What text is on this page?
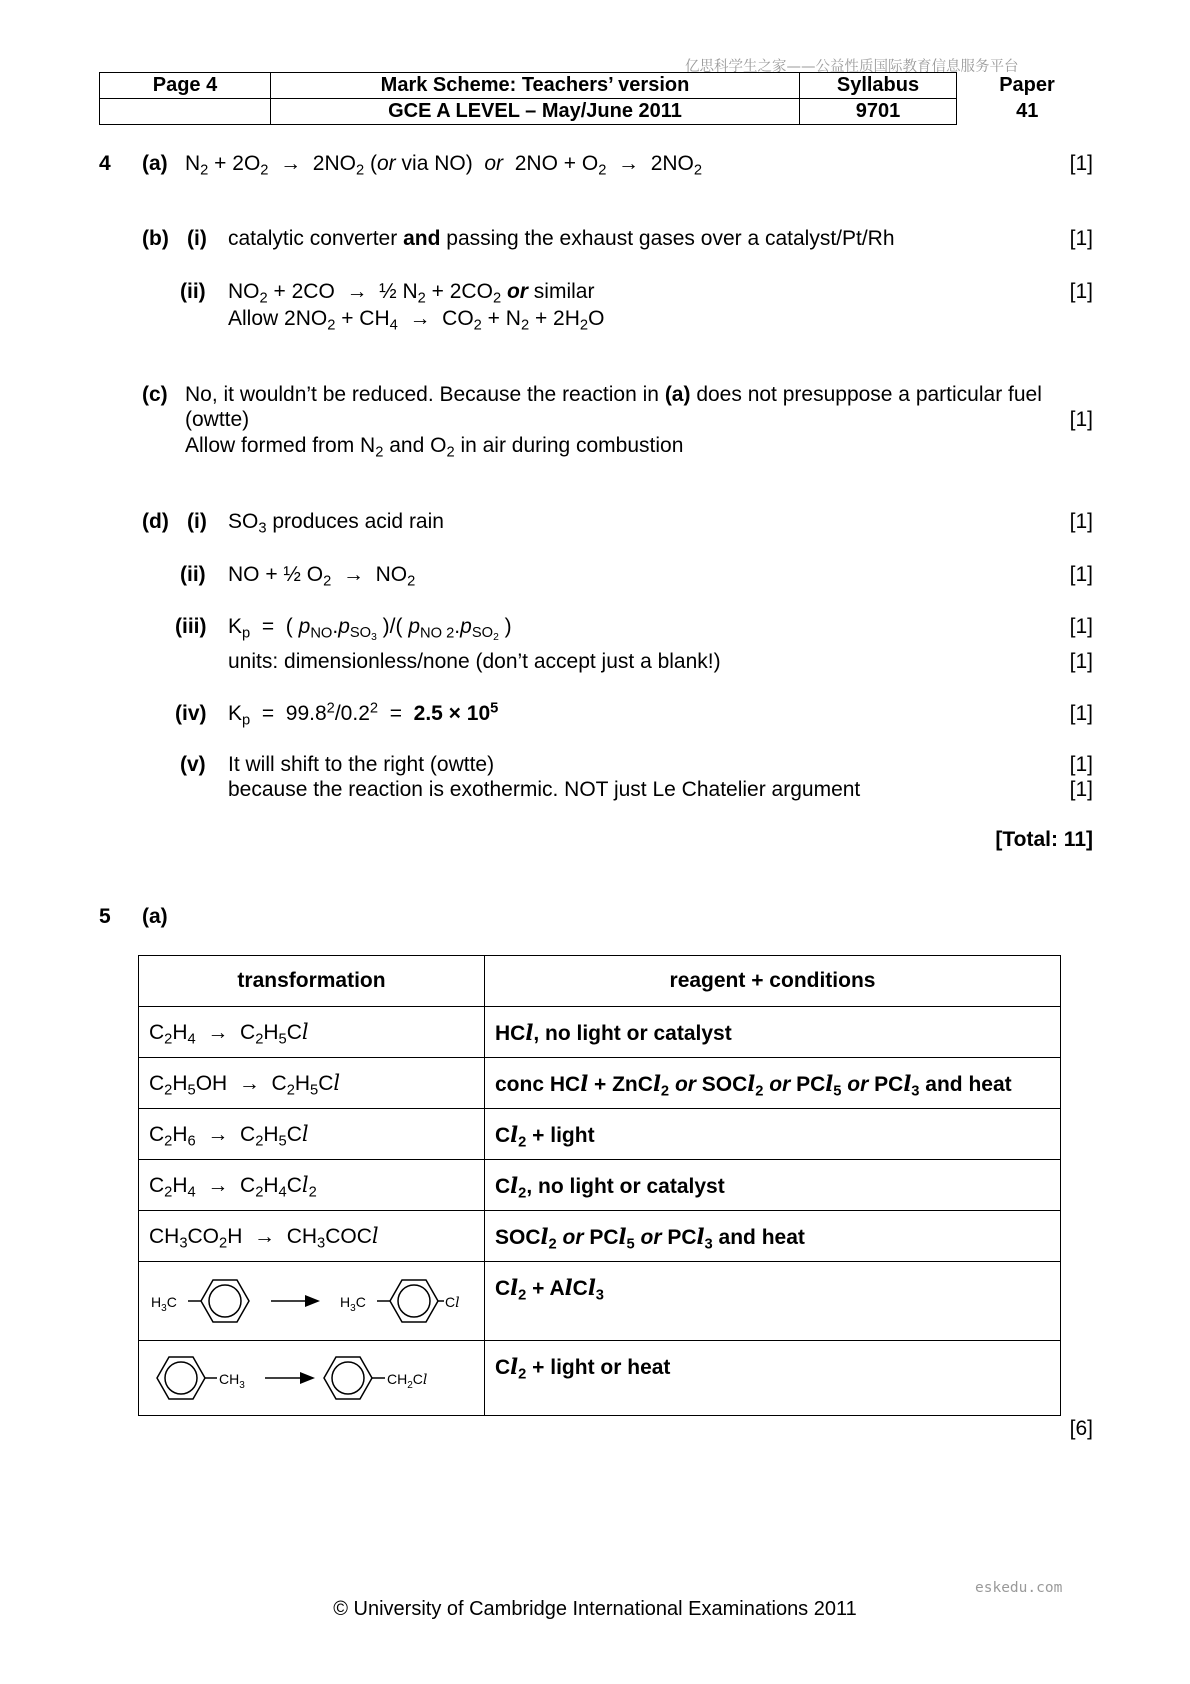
亿思科学生之家——公益性质国际教育信息服务平台
Page 4	Mark Scheme: Teachers’ version	Syllabus	Paper
	GCE A LEVEL – May/June 2011	9701	41
4 (a) $N_2 + 2O_2 \to 2NO_2$ (or via NO)  or  $2NO + O_2 \to 2NO_2$	[1]
(b) (i) catalytic converter and passing the exhaust gases over a catalyst/Pt/Rh	[1]
(ii) $NO_2 + 2CO$  →  ½ $N_2 + 2CO_2$ or similar	[1]
Allow $2NO_2 + CH_4 \to CO_2 + N_2 + 2H_2O$
(c) No, it wouldn’t be reduced. Because the reaction in (a) does not presuppose a particular fuel
(owtte)	[1]
Allow formed from $N_2$ and $O_2$ in air during combustion
(d) (i) $SO_3$ produces acid rain	[1]
(ii) NO + ½ $O_2 \to NO_2$	[1]
(iii) $K_p$  =  ( $p_{NO}.p_{SO_3}$ )/( $p_{NO 2}.p_{SO_2}$ )	[1]
units: dimensionless/none (don’t accept just a blank!)	[1]
(iv) $K_p = 99.8^2/0.2^2 = 2.5 \times 10^5$	[1]
(v) It will shift to the right (owtte)	[1]
because the reaction is exothermic. NOT just Le Chatelier argument	[1]
[Total: 11]
5 (a)
transformation	reagent + conditions
$C_2H_4 \to C_2H_5Cl$	HCl, no light or catalyst
$C_2H_5OH \to C_2H_5Cl$	conc HCl + ZnCl$_2$ or SOCl$_2$ or PCl$_5$ or PCl$_3$ and heat
$C_2H_6 \to C_2H_5Cl$	$Cl_2$ + light
$C_2H_4 \to C_2H_4Cl_2$	$Cl_2$, no light or catalyst
$CH_3CO_2H$  →  $CH_3COCl$	SOCl$_2$ or PCl$_5$ or PCl$_3$ and heat

$H_3C$ $H_3C$ Cl	$Cl_2$ + AlCl$_3$

$CH_3$ $CH_2Cl$	$Cl_2$ + light or heat
[6]
eskedu.com
© University of Cambridge International Examinations 2011
